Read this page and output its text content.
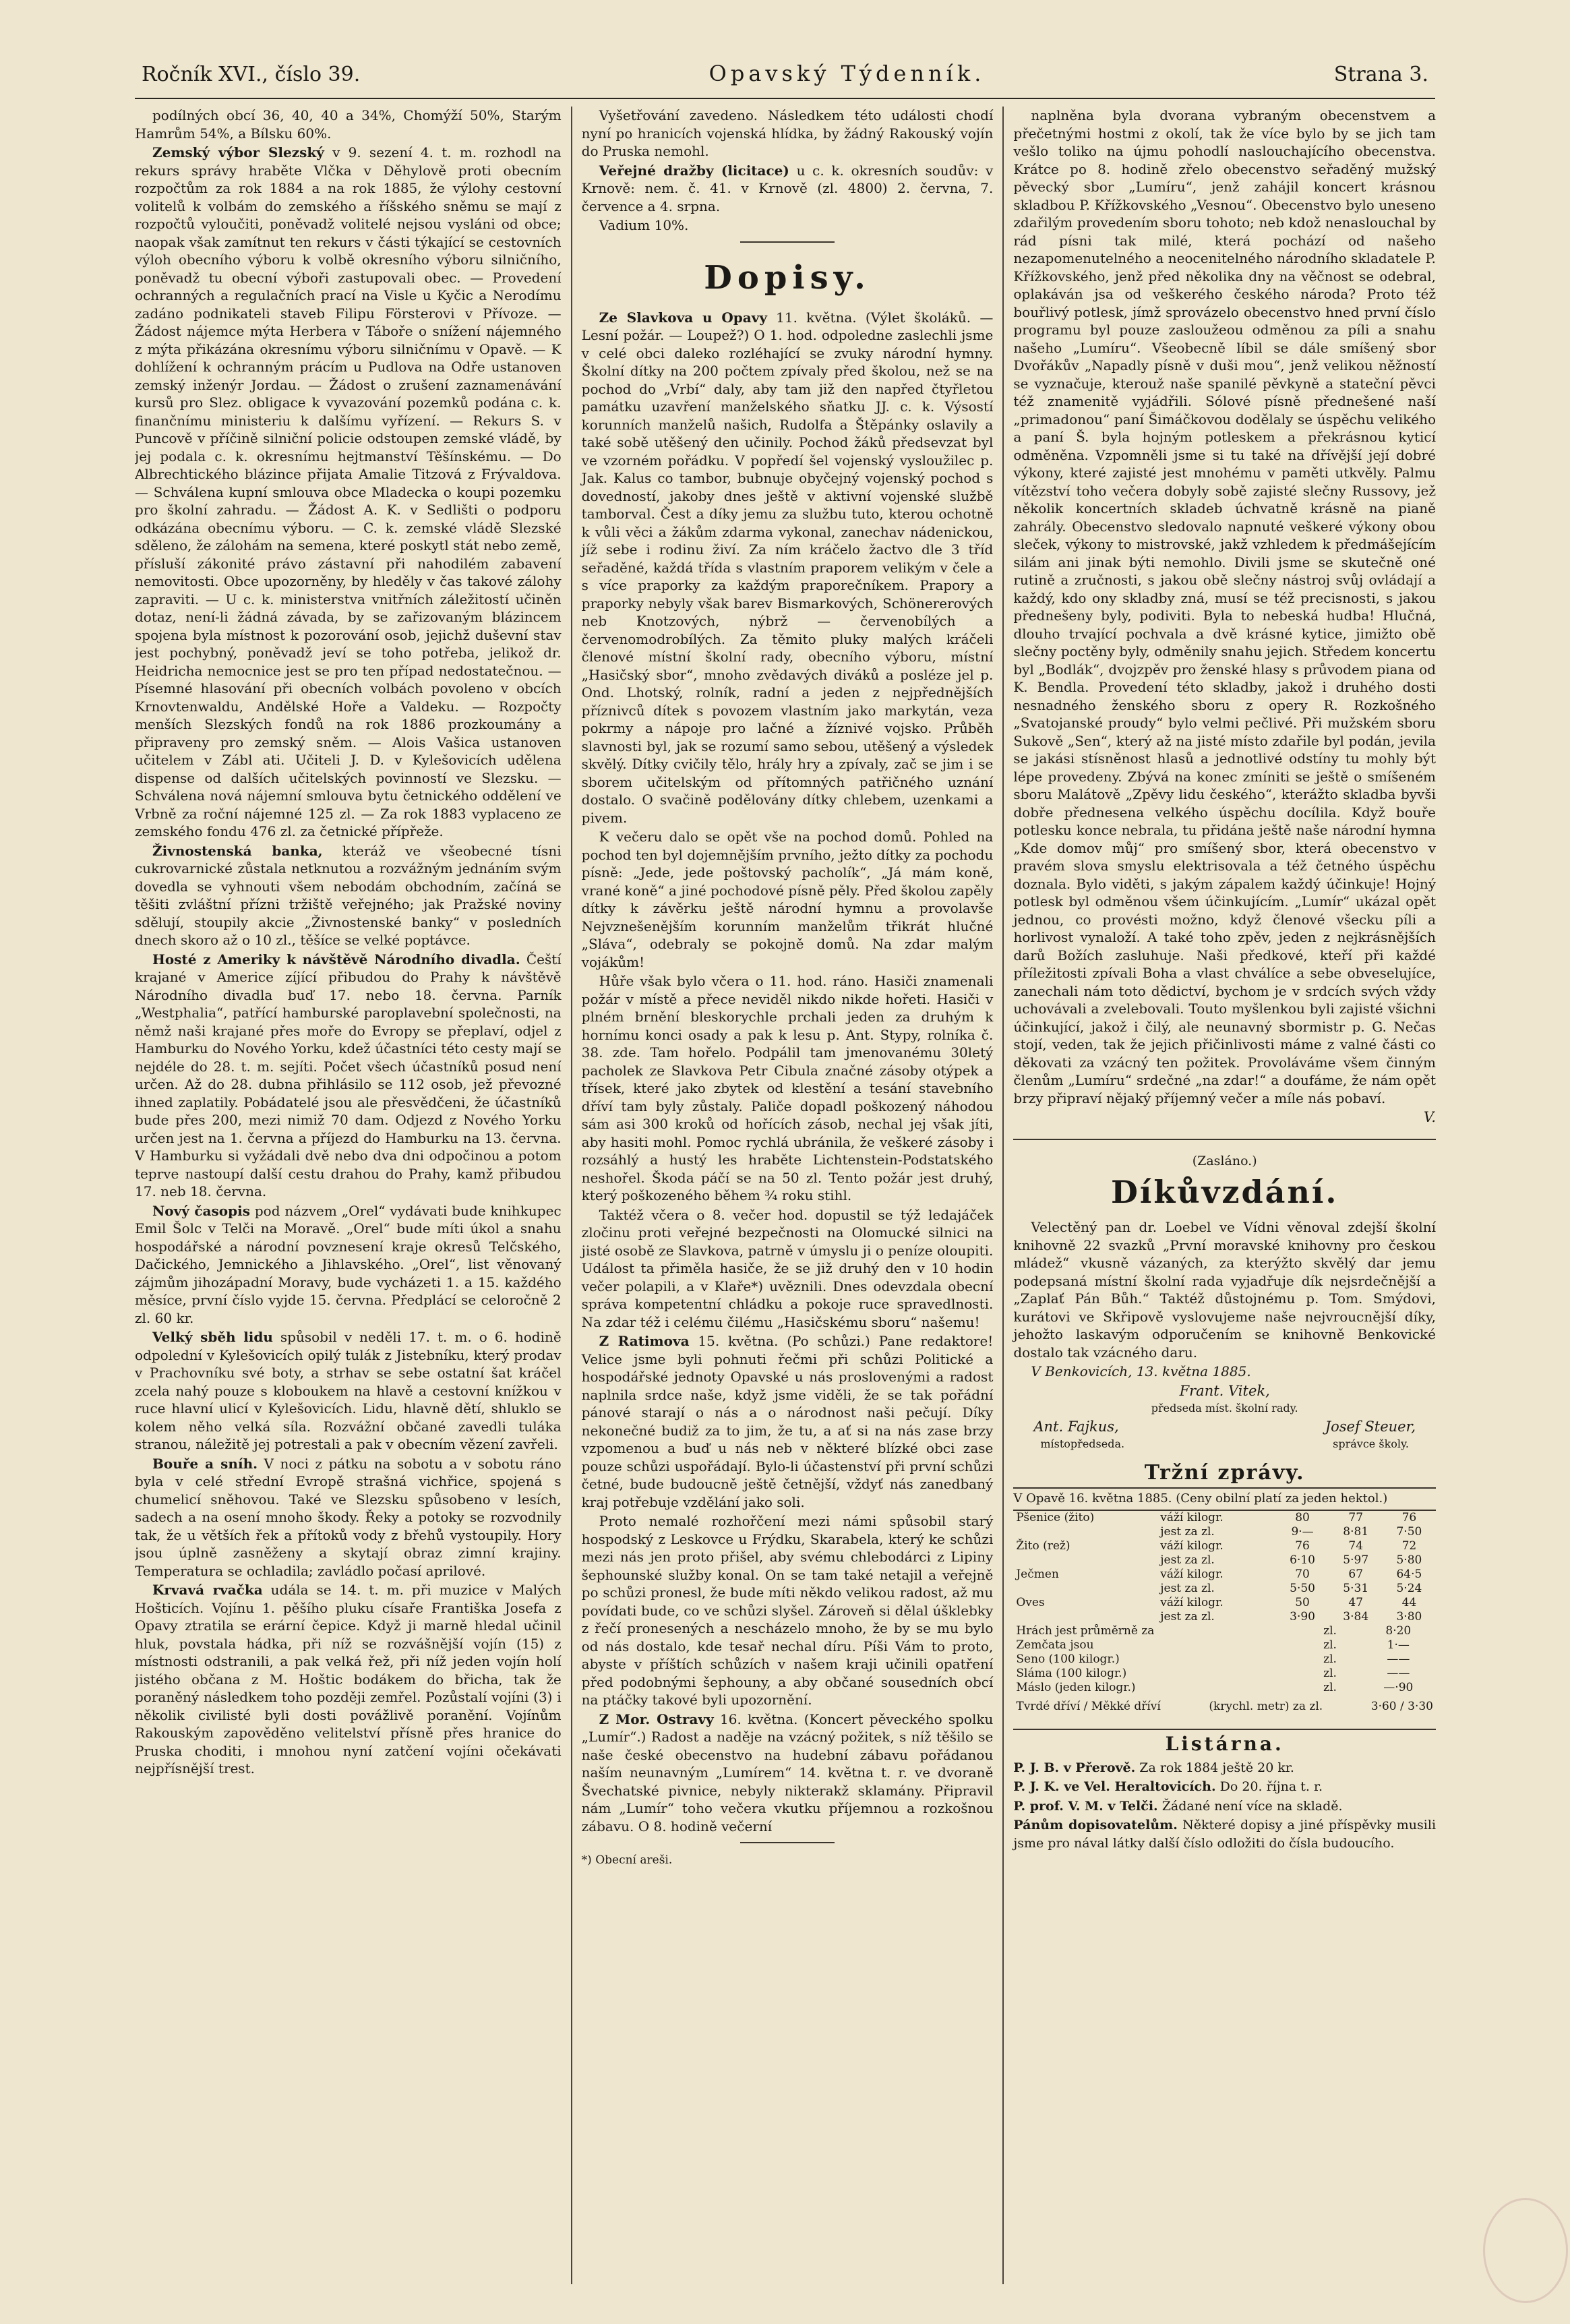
Ročník XVI., číslo 39.	Opavský Týdenník.	Strana 3.

podílných obcí 36, 40, 40 a 34%, Chomýží 50%, Starým Hamrům 54%, a Bílsku 60%.

Zemský výbor Slezský v 9. sezení 4. t. m. rozhodl na rekurs správy hraběte Vlčka v Děhylově proti obecním rozpočtům za rok 1884 a na rok 1885, že výlohy cestovní volitelů k volbám do zemského a říšského sněmu se mají z rozpočtů vyloučiti, poněvadž volitelé nejsou vysláni od obce; naopak však zamítnut ten rekurs v části týkající se cestovních výloh obecního výboru k volbě okresního výboru silničního, poněvadž tu obecní výboři zastupovali obec. — Provedení ochranných a regulačních prací na Visle u Kyčic a Nerodímu zadáno podnikateli staveb Filipu Försterovi v Přívoze. — Žádost nájemce mýta Herbera v Táboře o snížení nájemného z mýta přikázána okresnímu výboru silničnímu v Opavě. — K dohlížení k ochranným prácím u Pudlova na Odře ustanoven zemský inženýr Jordau. — Žádost o zrušení zaznamenávání kursů pro Slez. obligace k vyvazování pozemků podána c. k. finančnímu ministeriu k dalšímu vyřízení. — Rekurs S. v Puncově v příčině silniční policie odstoupen zemské vládě, by jej podala c. k. okresnímu hejtmanství Těšínskému. — Do Albrechtického blázince přijata Amalie Titzová z Frývaldova. — Schválena kupní smlouva obce Mladecka o koupi pozemku pro školní zahradu. — Žádost A. K. v Sedlišti o podporu odkázána obecnímu výboru. — C. k. zemské vládě Slezské sděleno, že zálohám na semena, které poskytl stát nebo země, přísluší zákonité právo zástavní při nahodilém zabavení nemovitosti. Obce upozorněny, by hleděly v čas takové zálohy zapraviti. — U c. k. ministerstva vnitřních záležitostí učiněn dotaz, není-li žádná závada, by se zařizovaným blázincem spojena byla místnost k pozorování osob, jejichž duševní stav jest pochybný, poněvadž jeví se toho potřeba, jelikož dr. Heidricha nemocnice jest se pro ten případ nedostatečnou. — Písemné hlasování při obecních volbách povoleno v obcích Krnovtenwaldu, Andělské Hoře a Valdeku. — Rozpočty menších Slezských fondů na rok 1886 prozkoumány a připraveny pro zemský sněm. — Alois Vašica ustanoven učitelem v Zábl ati. Učiteli J. D. v Kylešovicích udělena dispense od dalších učitelských povinností ve Slezsku. — Schválena nová nájemní smlouva bytu četnického oddělení ve Vrbně za roční nájemné 125 zl. — Za rok 1883 vyplaceno ze zemského fondu 476 zl. za četnické přípřeže.

Živnostenská banka, kteráž ve všeobecné tísni cukrovarnické zůstala netknutou a rozvážným jednáním svým dovedla se vyhnouti všem nebodám obchodním, začíná se těšiti zvláštní přízni tržiště veřejného; jak Pražské noviny sdělují, stoupily akcie „Živnostenské banky“ v posledních dnech skoro až o 10 zl., těšíce se velké poptávce.

Hosté z Ameriky k návštěvě Národního divadla. Čeští krajané v Americe zíjící přibudou do Prahy k návštěvě Národního divadla buď 17. nebo 18. června. Parník „Westphalia“, patřící hamburské paroplavební společnosti, na němž naši krajané přes moře do Evropy se přeplaví, odjel z Hamburku do Nového Yorku, kdež účastníci této cesty mají se nejdéle do 28. t. m. sejíti. Počet všech účastníků posud není určen. Až do 28. dubna přihlásilo se 112 osob, jež převozné ihned zaplatily. Pobádatelé jsou ale přesvědčeni, že účastníků bude přes 200, mezi nimiž 70 dam. Odjezd z Nového Yorku určen jest na 1. června a příjezd do Hamburku na 13. června. V Hamburku si vyžádali dvě nebo dva dni odpočinou a potom teprve nastoupí další cestu drahou do Prahy, kamž přibudou 17. neb 18. června.

Nový časopis pod názvem „Orel“ vydávati bude knihkupec Emil Šolc v Telči na Moravě. „Orel“ bude míti úkol a snahu hospodářské a národní povznesení kraje okresů Telčského, Dačického, Jemnického a Jihlavského. „Orel“, list věnovaný zájmům jihozápadní Moravy, bude vycházeti 1. a 15. každého měsíce, první číslo vyjde 15. června. Předplácí se celoročně 2 zl. 60 kr.

Velký sběh lidu spůsobil v neděli 17. t. m. o 6. hodině odpolední v Kylešovicích opilý tulák z Jistebníku, který prodav v Prachovníku své boty, a strhav se sebe ostatní šat kráčel zcela nahý pouze s kloboukem na hlavě a cestovní knížkou v ruce hlavní ulicí v Kylešovicích. Lidu, hlavně dětí, shluklo se kolem něho velká síla. Rozvážní občané zavedli tuláka stranou, náležitě jej potrestali a pak v obecním vězení zavřeli.

Bouře a sníh. V noci z pátku na sobotu a v sobotu ráno byla v celé střední Evropě strašná vichřice, spojená s chumelicí sněhovou. Také ve Slezsku spůsobeno v lesích, sadech a na osení mnoho škody. Řeky a potoky se rozvodnily tak, že u větších řek a přítoků vody z břehů vystoupily. Hory jsou úplně zasněženy a skytají obraz zimní krajiny. Temperatura se ochladila; zavládlo počasí aprilové.

Krvavá rvačka udála se 14. t. m. při muzice v Malých Hošticích. Vojínu 1. pěšího pluku císaře Františka Josefa z Opavy ztratila se erární čepice. Když ji marně hledal učinil hluk, povstala hádka, při níž se rozvášnější vojín (15) z místnosti odstranili, a pak velká řež, při níž jeden vojín holí jistého občana z M. Hoštic bodákem do břicha, tak že poraněný následkem toho později zemřel. Pozůstalí vojíni (3) i několik civilisté byli dosti povážlivě poranění. Vojínům Rakouským zapověděno velitelství přísně přes hranice do Pruska choditi, i mnohou nyní zatčení vojíni očekávati nejpřísnější trest.

Vyšetřování zavedeno. Následkem této události chodí nyní po hranicích vojenská hlídka, by žádný Rakouský vojín do Pruska nemohl.

Veřejné dražby (licitace) u c. k. okresních soudův: v Krnově: nem. č. 41. v Krnově (zl. 4800) 2. června, 7. července a 4. srpna.

Vadium 10%.

Dopisy.

Ze Slavkova u Opavy 11. května. (Výlet školáků. — Lesní požár. — Loupež?) O 1. hod. odpoledne zaslechli jsme v celé obci daleko rozléhající se zvuky národní hymny. Školní dítky na 200 počtem zpívaly před školou, než se na pochod do „Vrbí“ daly, aby tam již den napřed čtyřletou památku uzavření manželského sňatku JJ. c. k. Výsostí korunních manželů našich, Rudolfa a Štěpánky oslavily a také sobě utěšený den učinily. Pochod žáků předsevzat byl ve vzorném pořádku. V popředí šel vojenský vysloužilec p. Jak. Kalus co tambor, bubnuje obyčejný vojenský pochod s dovedností, jakoby dnes ještě v aktivní vojenské službě tamborval. Čest a díky jemu za službu tuto, kterou ochotně k vůli věci a žákům zdarma vykonal, zanechav nádenickou, jíž sebe i rodinu živí. Za ním kráčelo žactvo dle 3 tříd seřaděné, každá třída s vlastním praporem velikým v čele a s více praporky za každým praporečníkem. Prapory a praporky nebyly však barev Bismarkových, Schönererových neb Knotzových, nýbrž — červenobílých a červenomodrobílých. Za těmito pluky malých kráčeli členové místní školní rady, obecního výboru, místní „Hasičský sbor“, mnoho zvědavých diváků a posléze jel p. Ond. Lhotský, rolník, radní a jeden z nejpřednějších příznivců dítek s povozem vlastním jako markytán, veza pokrmy a nápoje pro lačné a žíznivé vojsko. Průběh slavnosti byl, jak se rozumí samo sebou, utěšený a výsledek skvělý. Dítky cvičily tělo, hrály hry a zpívaly, zač se jim i se sborem učitelským od přítomných patřičného uznání dostalo. O svačině podělovány dítky chlebem, uzenkami a pivem.

K večeru dalo se opět vše na pochod domů. Pohled na pochod ten byl dojemnějším prvního, ježto dítky za pochodu písně: „Jede, jede poštovský pacholík“, „Já mám koně, vrané koně“ a jiné pochodové písně pěly. Před školou zapěly dítky k závěrku ještě národní hymnu a provolavše Nejvznešenějším korunním manželům třikrát hlučné „Sláva“, odebraly se pokojně domů. Na zdar malým vojákům!

Hůře však bylo včera o 11. hod. ráno. Hasiči znamenali požár v místě a přece neviděl nikdo nikde hořeti. Hasiči v plném brnění bleskorychle prchali jeden za druhým k hornímu konci osady a pak k lesu p. Ant. Stypy, rolníka č. 38. zde. Tam hořelo. Podpálil tam jmenovanému 30letý pacholek ze Slavkova Petr Cibula značné zásoby otýpek a třísek, které jako zbytek od klestění a tesání stavebního dříví tam byly zůstaly. Paliče dopadl poškozený náhodou sám asi 300 kroků od hořících zásob, nechal jej však jíti, aby hasiti mohl. Pomoc rychlá ubránila, že veškeré zásoby i rozsáhlý a hustý les hraběte Lichtenstein-Podstatského neshořel. Škoda páčí se na 50 zl. Tento požár jest druhý, který poškozeného během ¾ roku stihl.

Taktéž včera o 8. večer hod. dopustil se týž ledajáček zločinu proti veřejné bezpečnosti na Olomucké silnici na jisté osobě ze Slavkova, patrně v úmyslu ji o peníze oloupiti. Událost ta přiměla hasiče, že se již druhý den v 10 hodin večer polapili, a v Klaře*) uvěznili. Dnes odevzdala obecní správa kompetentní chládku a pokoje ruce spravedlnosti. Na zdar též i celému čilému „Hasičskému sboru“ našemu!

Z Ratimova 15. května. (Po schůzi.) Pane redaktore! Velice jsme byli pohnuti řečmi při schůzi Politické a hospodářské jednoty Opavské u nás proslovenými a radost naplnila srdce naše, když jsme viděli, že se tak pořádní pánové starají o nás a o národnost naši pečují. Díky nekonečné budiž za to jim, že tu, a ať si na nás zase brzy vzpomenou a buď u nás neb v některé blízké obci zase pouze schůzi uspořádají. Bylo-li účastenství při první schůzi četné, bude budoucně ještě četnější, vždyť nás zanedbaný kraj potřebuje vzdělání jako soli.

Proto nemalé rozhořčení mezi námi spůsobil starý hospodský z Leskovce u Frýdku, Skarabela, který ke schůzi mezi nás jen proto přišel, aby svému chlebodárci z Lipiny šephounské služby konal. On se tam také netajil a veřejně po schůzi pronesl, že bude míti někdo velikou radost, až mu povídati bude, co ve schůzi slyšel. Zároveň si dělal úšklebky z řečí pronesených a nescházelo mnoho, že by se mu bylo od nás dostalo, kde tesař nechal díru. Píši Vám to proto, abyste v příštích schůzích v našem kraji učinili opatření před podobnými šephouny, a aby občané sousedních obcí na ptáčky takové byli upozornění.

Z Mor. Ostravy 16. května. (Koncert pěveckého spolku „Lumír“.) Radost a naděje na vzácný požitek, s níž těšilo se naše české obecenstvo na hudební zábavu pořádanou naším neunavným „Lumírem“ 14. května t. r. ve dvoraně Švechatské pivnice, nebyly nikterakž sklamány. Připravil nám „Lumír“ toho večera vkutku příjemnou a rozkošnou zábavu. O 8. hodině večerní

*) Obecní areši.

naplněna byla dvorana vybraným obecenstvem a přečetnými hostmi z okolí, tak že více bylo by se jich tam vešlo toliko na újmu pohodlí naslouchajícího obecenstva. Krátce po 8. hodině zřelo obecenstvo seřaděný mužský pěvecký sbor „Lumíru“, jenž zahájil koncert krásnou skladbou P. Křížkovského „Vesnou“. Obecenstvo bylo uneseno zdařilým provedením sboru tohoto; neb kdož nenaslouchal by rád písni tak milé, která pochází od našeho nezapomenutelného a neocenitelného národního skladatele P. Křížkovského, jenž před několika dny na věčnost se odebral, oplakáván jsa od veškerého českého národa? Proto též bouřlivý potlesk, jímž sprovázelo obecenstvo hned první číslo programu byl pouze zasloužeou odměnou za píli a snahu našeho „Lumíru“. Všeobecně líbil se dále smíšený sbor Dvořákův „Napadly písně v duši mou“, jenž velikou něžností se vyznačuje, kterouž naše spanilé pěvkyně a stateční pěvci též znamenitě vyjádřili. Sólové písně přednešené naší „primadonou“ paní Šimáčkovou dodělaly se úspěchu velikého a paní Š. byla hojným potleskem a překrásnou kyticí odměněna. Vzpomněli jsme si tu také na dřívější její dobré výkony, které zajisté jest mnohému v paměti utkvěly. Palmu vítězství toho večera dobyly sobě zajisté slečny Russovy, jež několik koncertních skladeb úchvatně krásně na pianě zahrály. Obecenstvo sledovalo napnuté veškeré výkony obou sleček, výkony to mistrovské, jakž vzhledem k předmášejícím silám ani jinak býti nemohlo. Divili jsme se skutečně oné rutině a zručnosti, s jakou obě slečny nástroj svůj ovládají a každý, kdo ony skladby zná, musí se též precisnosti, s jakou přednešeny byly, podiviti. Byla to nebeská hudba! Hlučná, dlouho trvající pochvala a dvě krásné kytice, jimižto obě slečny poctěny byly, odměnily snahu jejich. Středem koncertu byl „Bodlák“, dvojzpěv pro ženské hlasy s průvodem piana od K. Bendla. Provedení této skladby, jakož i druhého dosti nesnadného ženského sboru z opery R. Rozkošného „Svatojanské proudy“ bylo velmi pečlivé. Při mužském sboru Sukově „Sen“, který až na jisté místo zdařile byl podán, jevila se jakási stísněnost hlasů a jednotlivé odstíny tu mohly být lépe provedeny. Zbývá na konec zmíniti se ještě o smíšeném sboru Malátově „Zpěvy lidu českého“, kterážto skladba byvši dobře přednesena velkého úspěchu docílila. Když bouře potlesku konce nebrala, tu přidána ještě naše národní hymna „Kde domov můj“ pro smíšený sbor, která obecenstvo v pravém slova smyslu elektrisovala a též četného úspěchu doznala. Bylo viděti, s jakým zápalem každý účinkuje! Hojný potlesk byl odměnou všem účinkujícím. „Lumír“ ukázal opět jednou, co provésti možno, když členové všecku píli a horlivost vynaloží. A také toho zpěv, jeden z nejkrásnějších darů Božích zasluhuje. Naši předkové, kteří při každé příležitosti zpívali Boha a vlast chválíce a sebe obveselujíce, zanechali nám toto dědictví, bychom je v srdcích svých vždy uchovávali a zvelebovali. Touto myšlenkou byli zajisté všichni účinkující, jakož i čilý, ale neunavný sbormistr p. G. Nečas stojí, veden, tak že jejich přičinlivosti máme z valné části co děkovati za vzácný ten požitek. Provoláváme všem činným členům „Lumíru“ srdečné „na zdar!“ a doufáme, že nám opět brzy připraví nějaký příjemný večer a míle nás pobaví.

V.
(Zasláno.)
Díkůvzdání.

Velectěný pan dr. Loebel ve Vídni věnoval zdejší školní knihovně 22 svazků „První moravské knihovny pro českou mládež“ vkusně vázaných, za kterýžto skvělý dar jemu podepsaná místní školní rada vyjadřuje dík nejsrdečnější a „Zaplať Pán Bůh.“ Taktéž důstojnému p. Tom. Smýdovi, kurátovi ve Skřipově vyslovujeme naše nejvroucnější díky, jehožto laskavým odporučením se knihovně Benkovické dostalo tak vzácného daru.

V Benkovicích, 13. května 1885.

Frant. Vitek,
předseda míst. školní rady.
Ant. Fajkus,	Josef Steuer,
místopředseda.	správce školy.
Tržní zprávy.
V Opavě 16. května 1885. (Ceny obilní platí za jeden hektol.)
Pšenice (žito)	váží kilogr.	80	77	76
	jest za zl.	9·—	8·81	7·50
Žito (rež)	váží kilogr.	76	74	72
	jest za zl.	6·10	5·97	5·80
Ječmen	váží kilogr.	70	67	64·5
	jest za zl.	5·50	5·31	5·24
Oves	váží kilogr.	50	47	44
	jest za zl.	3·90	3·84	3·80
Hrách jest průměrně za	zl.	8·20
Zemčata jsou	zl.	1·—
Seno (100 kilogr.)	zl.	——
Sláma (100 kilogr.)	zl.	——
Máslo (jeden kilogr.)	zl.	—·90
Tvrdé dříví / Měkké dříví	(krychl. metr) za zl.	3·60 / 3·30
Listárna.

P. J. B. v Přerově. Za rok 1884 ještě 20 kr.

P. J. K. ve Vel. Heraltovicích. Do 20. října t. r.

P. prof. V. M. v Telči. Žádané není více na skladě.

Pánům dopisovatelům. Některé dopisy a jiné příspěvky musili jsme pro nával látky další číslo odložiti do čísla budoucího.
